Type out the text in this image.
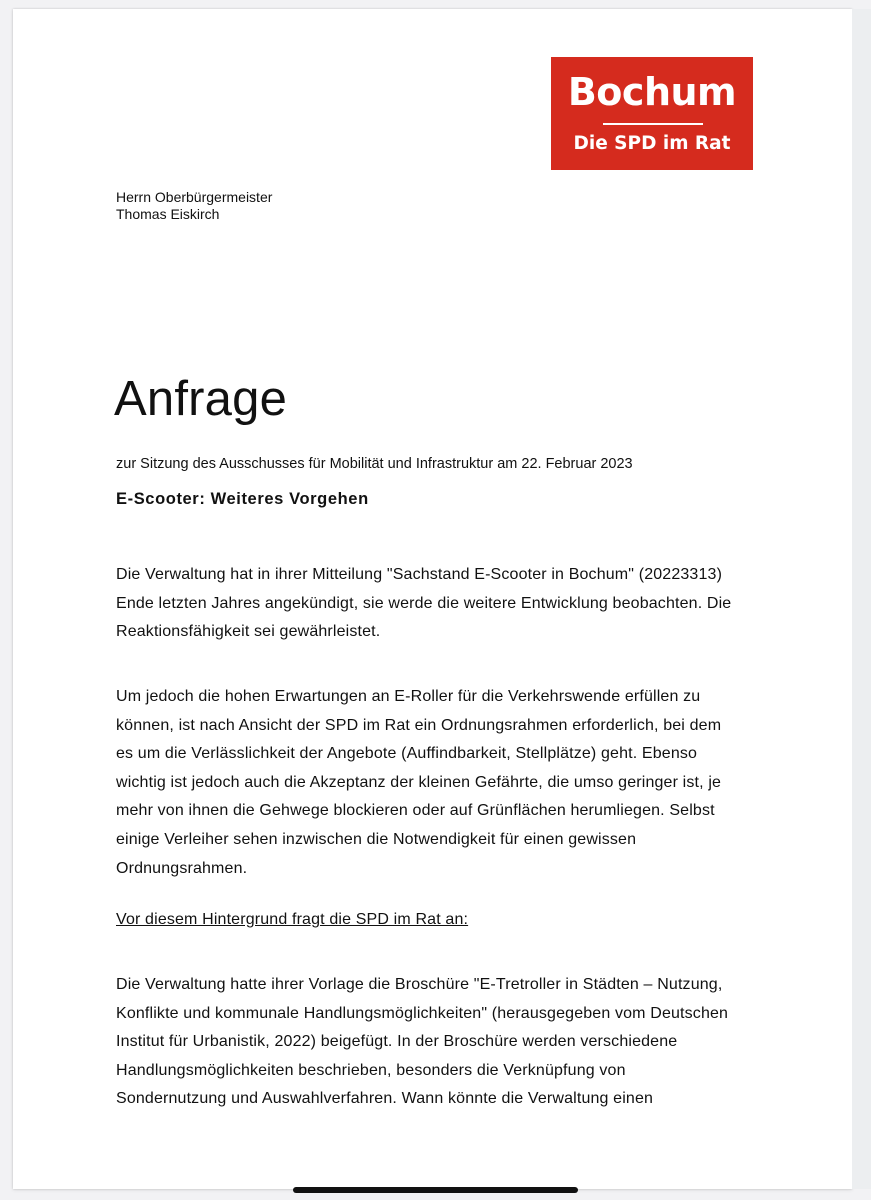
Bochum
Die SPD im Rat
Herrn Oberbürgermeister
Thomas Eiskirch
Anfrage
zur Sitzung des Ausschusses für Mobilität und Infrastruktur am 22. Februar 2023
E-Scooter: Weiteres Vorgehen
Die Verwaltung hat in ihrer Mitteilung "Sachstand E-Scooter in Bochum" (20223313)
Ende letzten Jahres angekündigt, sie werde die weitere Entwicklung beobachten. Die
Reaktionsfähigkeit sei gewährleistet.
Um jedoch die hohen Erwartungen an E-Roller für die Verkehrswende erfüllen zu
können, ist nach Ansicht der SPD im Rat ein Ordnungsrahmen erforderlich, bei dem
es um die Verlässlichkeit der Angebote (Auffindbarkeit, Stellplätze) geht. Ebenso
wichtig ist jedoch auch die Akzeptanz der kleinen Gefährte, die umso geringer ist, je
mehr von ihnen die Gehwege blockieren oder auf Grünflächen herumliegen. Selbst
einige Verleiher sehen inzwischen die Notwendigkeit für einen gewissen
Ordnungsrahmen.
Vor diesem Hintergrund fragt die SPD im Rat an:
Die Verwaltung hatte ihrer Vorlage die Broschüre "E-Tretroller in Städten – Nutzung,
Konflikte und kommunale Handlungsmöglichkeiten" (herausgegeben vom Deutschen
Institut für Urbanistik, 2022) beigefügt. In der Broschüre werden verschiedene
Handlungsmöglichkeiten beschrieben, besonders die Verknüpfung von
Sondernutzung und Auswahlverfahren. Wann könnte die Verwaltung einen
